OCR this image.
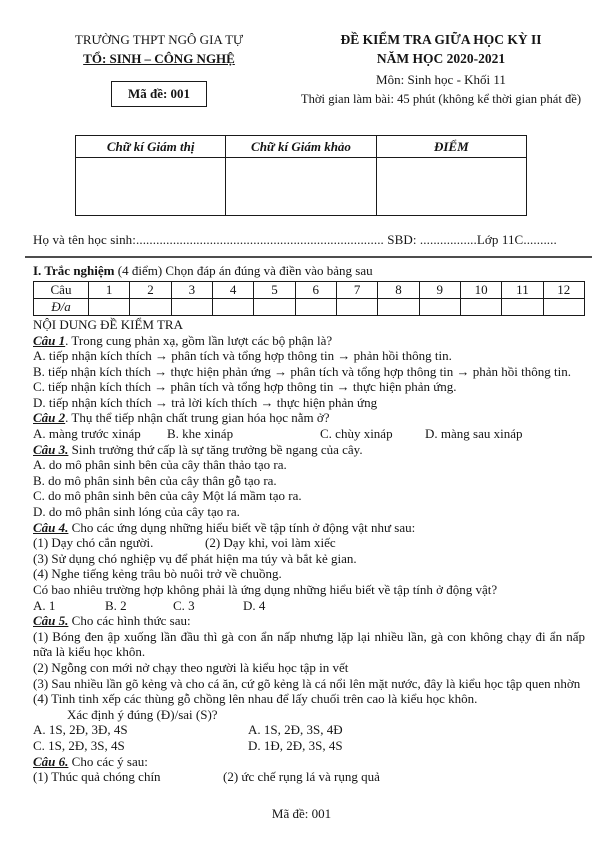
TRƯỜNG THPT NGÔ GIA TỰ
TỔ: SINH – CÔNG NGHỆ
Mã đề: 001
ĐỀ KIỂM TRA GIỮA HỌC KỲ II
NĂM HỌC 2020-2021
Môn: Sinh học - Khối 11
Thời gian làm bài: 45 phút (không kể thời gian phát đề)
Chữ kí Giám thị	Chữ kí Giám khảo	ĐIỂM

Họ và tên học sinh:.......................................................................... SBD: .................Lớp 11C..........

I. Trắc nghiệm (4 điểm) Chọn đáp án đúng và điền vào bảng sau

Câu	1	2	3	4	5	6	7	8	9	10	11	12
Đ/a												

NỘI DUNG ĐỀ KIỂM TRA

Câu 1. Trong cung phản xạ, gồm lần lượt các bộ phận là?

A. tiếp nhận kích thích → phân tích và tổng hợp thông tin → phản hồi thông tin.

B. tiếp nhận kích thích → thực hiện phản ứng → phân tích và tổng hợp thông tin → phản hồi thông tin.

C. tiếp nhận kích thích → phân tích và tổng hợp thông tin → thực hiện phản ứng.

D. tiếp nhận kích thích → trả lời kích thích → thực hiện phản ứng

Câu 2. Thụ thể tiếp nhận chất trung gian hóa học nằm ở?

A. màng trước xináp	B. khe xináp	C. chùy xináp	D. màng sau xináp

Câu 3. Sinh trưởng thứ cấp là sự tăng trưởng bề ngang của cây.

A. do mô phân sinh bên của cây thân thảo tạo ra.

B. do mô phân sinh bên của cây thân gỗ tạo ra.

C. do mô phân sinh bên của cây Một lá mầm tạo ra.

D. do mô phân sinh lóng của cây tạo ra.

Câu 4. Cho các ứng dụng những hiểu biết về tập tính ở động vật như sau:

(1) Dạy chó cắn người.	(2) Dạy khỉ, voi làm xiếc

(3) Sử dụng chó nghiệp vụ để phát hiện ma túy và bắt kẻ gian.

(4) Nghe tiếng kẻng trâu bò nuôi trở về chuồng.

Có bao nhiêu trường hợp không phải là ứng dụng những hiểu biết về tập tính ở động vật?

A. 1	B. 2	C. 3	D. 4

Câu 5. Cho các hình thức sau:

(1) Bóng đen ập xuống lần đầu thì gà con ẩn nấp nhưng lặp lại nhiều lần, gà con không chạy đi ẩn nấp nữa là kiểu học khôn.

(2) Ngỗng con mới nở chạy theo người là kiểu học tập in vết

(3) Sau nhiều lần gõ kẻng và cho cá ăn, cứ gõ kẻng là cá nổi lên mặt nước, đây là kiểu học tập quen nhờn

(4) Tinh tinh xếp các thùng gỗ chồng lên nhau để lấy chuối trên cao là kiểu học khôn.

Xác định ý đúng (Đ)/sai (S)?

A. 1S, 2Đ, 3Đ, 4S	A. 1S, 2Đ, 3S, 4Đ

C. 1S, 2Đ, 3S, 4S	D. 1Đ, 2Đ, 3S, 4S

Câu 6. Cho các ý sau:

(1) Thúc quả chóng chín	(2) ức chế rụng lá và rụng quả

Mã đề: 001
